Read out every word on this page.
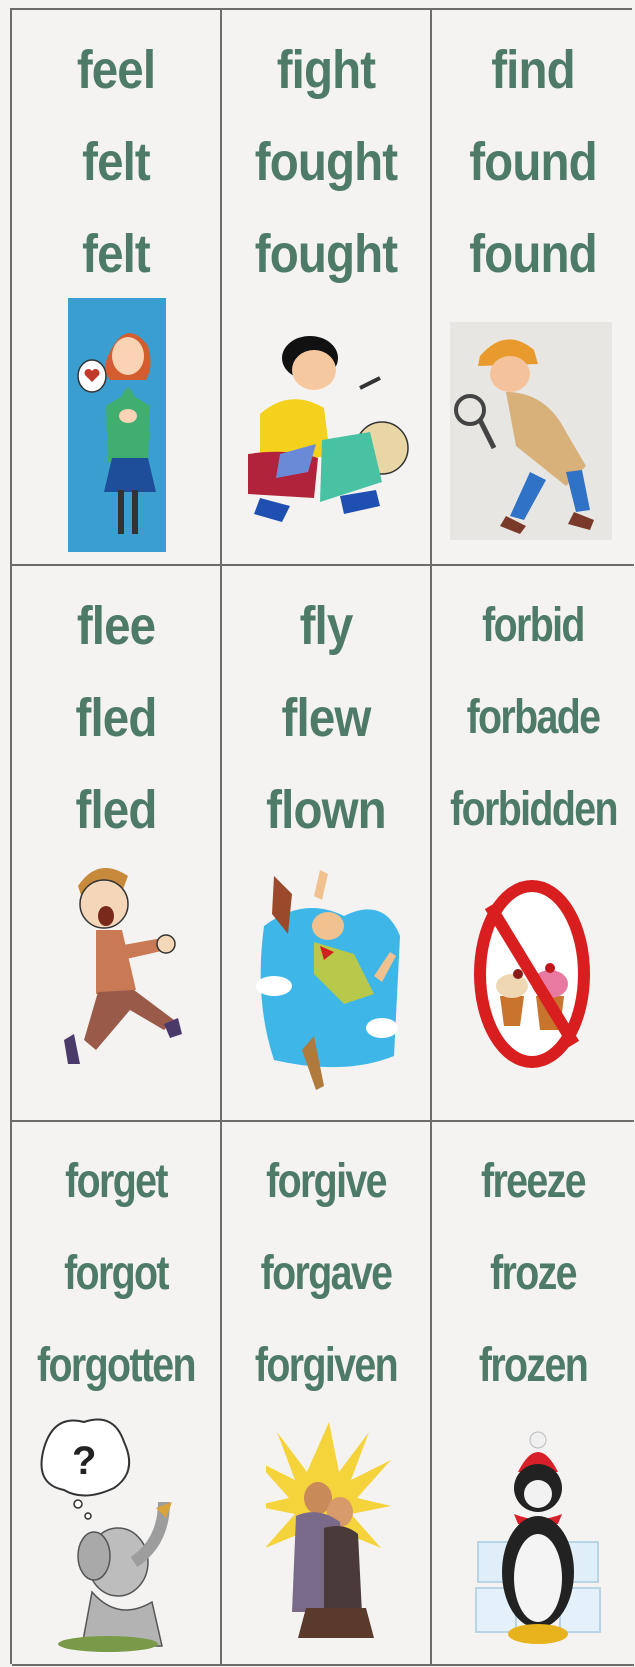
feel
felt
felt
fight
fought
fought
find
found
found
flee
fled
fled
fly
flew
flown
forbid
forbade
forbidden
forget
forgot
forgotten
?
forgive
forgave
forgiven
freeze
froze
frozen
